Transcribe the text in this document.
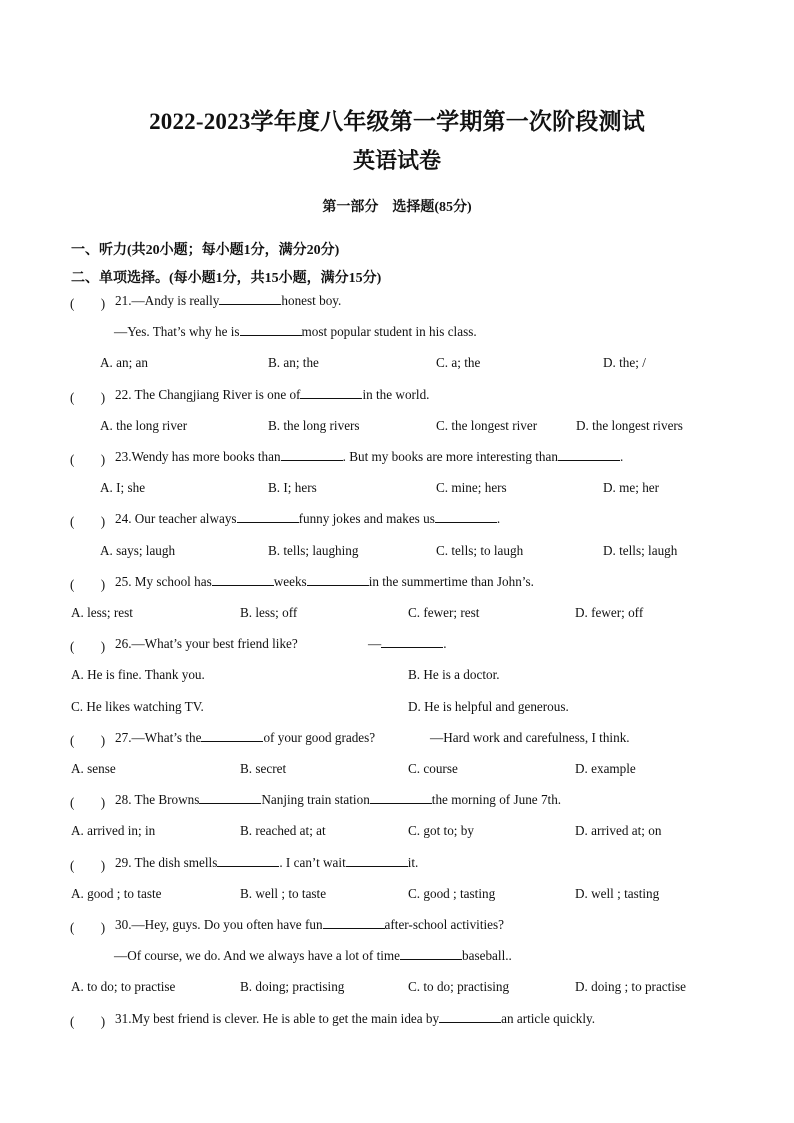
2022-2023学年度八年级第一学期第一次阶段测试
英语试卷
第一部分　选择题(85分)
一、听力(共20小题；每小题1分，满分20分)
二、单项选择。(每小题1分，共15小题，满分15分)
(　　) 21.—Andy is really	honest boy.
—Yes. That’s why he is	most popular student in his class.
A. an; an	B. an; the	C. a; the	D. the; /
(　　) 22. The Changjiang River is one of	in the world.
A. the long river	B. the long rivers	C. the longest river	D. the longest rivers
(　　) 23.Wendy has more books than	. But my books are more interesting than	.
A. I; she	B. I; hers	C. mine; hers	D. me; her
(　　) 24. Our teacher always	funny jokes and makes us	.
A. says; laugh	B. tells; laughing	C. tells; to laugh	D. tells; laugh
(　　) 25. My school has	weeks	in the summertime than John’s.
A. less; rest	B. less; off	C. fewer; rest	D. fewer; off
(　　) 26.—What’s your best friend like?	—	.
A. He is fine. Thank you.	B. He is a doctor.
C. He likes watching TV.	D. He is helpful and generous.
(　　) 27.—What’s the	of your good grades?	—Hard work and carefulness, I think.
A. sense	B. secret	C. course	D. example
(　　) 28. The Browns	Nanjing train station	the morning of June 7th.
A. arrived in; in	B. reached at; at	C. got to; by	D. arrived at; on
(　　) 29. The dish smells	. I can’t wait	it.
A. good ; to taste	B. well ; to taste	C. good ; tasting	D. well ; tasting
(　　) 30.—Hey, guys. Do you often have fun	after-school activities?
—Of course, we do. And we always have a lot of time	baseball..
A. to do; to practise	B. doing; practising	C. to do; practising	D. doing ; to practise
(　　) 31.My best friend is clever. He is able to get the main idea by	an article quickly.
